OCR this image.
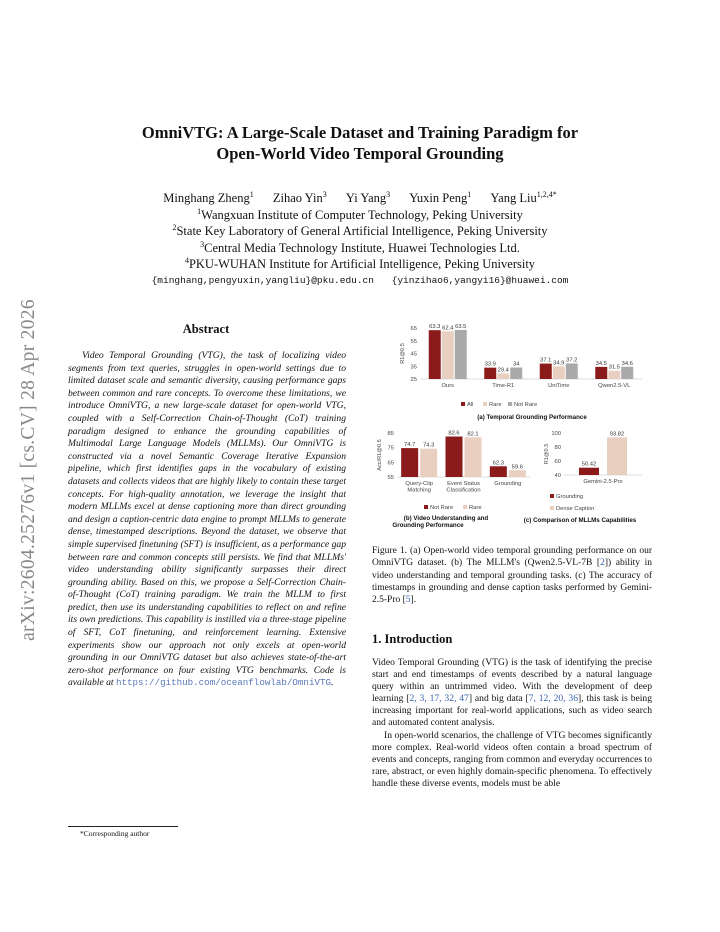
arXiv:2604.25276v1 [cs.CV] 28 Apr 2026
OmniVTG: A Large-Scale Dataset and Training Paradigm for
Open-World Video Temporal Grounding
Minghang Zheng$^1$ Zihao Yin$^3$ Yi Yang$^3$ Yuxin Peng$^1$ Yang Liu$^{1,2,4*}$
$^1$Wangxuan Institute of Computer Technology, Peking University
$^2$State Key Laboratory of General Artificial Intelligence, Peking University
$^3$Central Media Technology Institute, Huawei Technologies Ltd.
$^4$PKU-WUHAN Institute for Artificial Intelligence, Peking University
{minghang,pengyuxin,yangliu}@pku.edu.cn {yinzihao6,yangyi16}@huawei.com
Abstract

Video Temporal Grounding (VTG), the task of localizing video segments from text queries, struggles in open-world settings due to limited dataset scale and semantic diversity, causing performance gaps between common and rare concepts. To overcome these limitations, we introduce OmniVTG, a new large-scale dataset for open-world VTG, coupled with a Self-Correction Chain-of-Thought (CoT) training paradigm designed to enhance the grounding capabilities of Multimodal Large Language Models (MLLMs). Our OmniVTG is constructed via a novel Semantic Coverage Iterative Expansion pipeline, which first identifies gaps in the vocabulary of existing datasets and collects videos that are highly likely to contain these target concepts. For high-quality annotation, we leverage the insight that modern MLLMs excel at dense captioning more than direct grounding and design a caption-centric data engine to prompt MLLMs to generate dense, timestamped descriptions. Beyond the dataset, we observe that simple supervised finetuning (SFT) is insufficient, as a performance gap between rare and common concepts still persists. We find that MLLMs' video understanding ability significantly surpasses their direct grounding ability. Based on this, we propose a Self-Correction Chain-of-Thought (CoT) training paradigm. We train the MLLM to first predict, then use its understanding capabilities to reflect on and refine its own predictions. This capability is instilled via a three-stage pipeline of SFT, CoT finetuning, and reinforcement learning. Extensive experiments show our approach not only excels at open-world grounding in our OmniVTG dataset but also achieves state-of-the-art zero-shot performance on four existing VTG benchmarks. Code is available at https://github.com/oceanflowlab/OmniVTG.

*Corresponding author
25
35
45
55
65
R1@0.5
63.3 62.4 63.5
Ours
33.9
29.4
34
Time-R1
37.1 34.9 37.2
UniTime
34.5
31.5
34.6
Qwen2.5-VL
All	Rare Not Rare
(a) Temporal Grounding Performance
55
65
75
85
Acc/R1@0.5	74.7 74.3
Query-Clip
Matching
82.6 82.1
Event Status
Classification
62.3
59.6
Grounding
Not Rare	Rare
(b) Video Understanding and
40
60
80
100
R1@0.5
50.42
93.82
Gemini-2.5-Pro
Grounding
Dense Caption
(c) Comparison of MLLMs Capabilities
Grounding Performance

Figure 1. (a) Open-world video temporal grounding performance on our OmniVTG dataset. (b) The MLLM's (Qwen2.5-VL-7B [2]) ability in video understanding and temporal grounding tasks. (c) The accuracy of timestamps in grounding and dense caption tasks performed by Gemini-2.5-Pro [5].

1. Introduction

Video Temporal Grounding (VTG) is the task of identifying the precise start and end timestamps of events described by a natural language query within an untrimmed video. With the development of deep learning [2, 3, 17, 32, 47] and big data [7, 12, 20, 36], this task is being increasing important for real-world applications, such as video search and automated content analysis.

In open-world scenarios, the challenge of VTG becomes significantly more complex. Real-world videos often contain a broad spectrum of events and concepts, ranging from common and everyday occurrences to rare, abstract, or even highly domain-specific phenomena. To effectively handle these diverse events, models must be able
